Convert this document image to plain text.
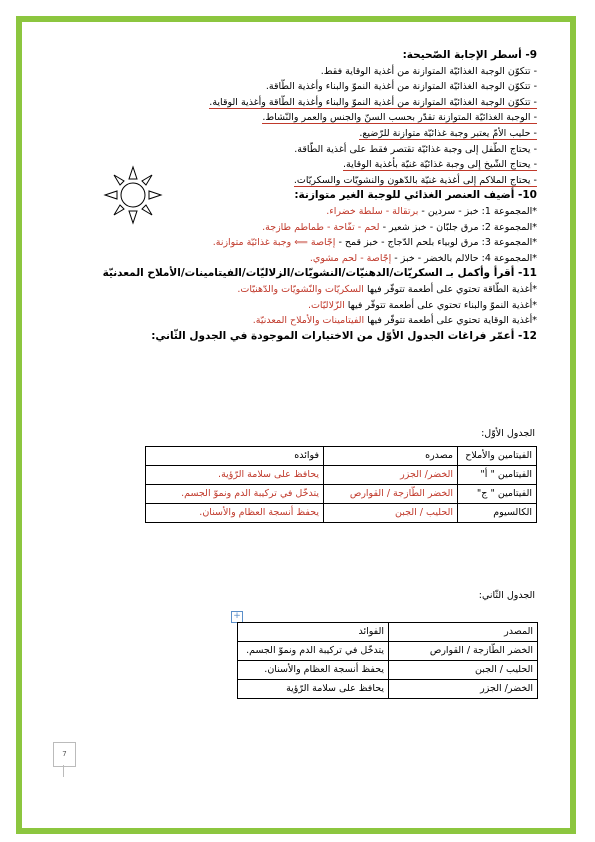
9- أسطر الإجابة الصّحيحة:
- تتكوّن الوجبة الغذائيّة المتوازنة من أغذية الوقاية فقط.
- تتكوّن الوجبة الغذائيّة المتوازنة من أغذية النموّ والبناء وأغذية الطّاقة.
- تتكوّن الوجبة الغذائيّة المتوازنة من أغذية النموّ والبناء وأغذية الطّاقة وأغذية الوقاية.
- الوجبة الغذائيّة المتوازنة تقدّر بحسب السنّ والجنس والعمر والنّشاط.
- حليب الأمّ يعتبر وجبة غذائيّة متوازنة للرّضيع.
- يحتاج الطّفل إلى وجبة غذائيّة تقتصر فقط على أغذية الطّاقة.
- يحتاج الشّيخ إلى وجبة غذائيّة غنيّة بأغذية الوقاية.
- يحتاج الملاكم إلى أغذية غنيّة بالدّهون والنشويّات والسكريّات.
10- أضيف العنصر الغذائي للوجبة الغير متوازنة:
*المجموعة 1: خبز - سردين - برتقالة - سلطة خضراء.
*المجموعة 2: مرق جلبّان - خبز شعير - لحم - تفّاحة - طماطم طازجة.
*المجموعة 3: مرق لوبياء بلحم الدّجاج - خبز قمح - إجّاصة ⟸ وجبة غذائيّة متوازنة.
*المجموعة 4: حالالم بالخضر - خبز - إجّاصة - لحم مشوي.
11- أقرأ وأكمل بـ السكريّات/الدهنيّات/النشويّات/الزلاليّات/الفيتامينات/الأملاح المعدنيّة
*أغذية الطّاقة تحتوي على أطعمة تتوفّر فيها السكريّات والنّشويّات والدّهنيّات.
*أغذية النموّ والبناء تحتوي على أطعمة تتوفّر فيها الزّلاليّات.
*أغذية الوقاية تحتوي على أطعمة تتوفّر فيها الفيتامينات والأملاح المعدنيّة.
12- أعمّر فراغات الجدول الأوّل من الاختيارات الموجودة في الجدول الثّاني:
الجدول الأوّل:
الفيتامين والأملاح	مصدره	فوائده
الفيتامين " أ"	الخضر/ الجزر	يحافظ على سلامة الرّؤية.
الفيتامين " ج"	الخضر الطّازجة / القوارص	يتدخّل في تركيبة الدم ونموّ الجسم.
الكالسيوم	الحليب / الجبن	يحفظ أنسجة العظام والأسنان.
الجدول الثّاني:
+
المصدر	الفوائد
الخضر الطّازجة / القوارص	يتدخّل في تركيبة الدم ونموّ الجسم.
الحليب / الجبن	يحفظ أنسجة العظام والأسنان.
الخضر/ الجزر	يحافظ على سلامة الرّؤية
7
